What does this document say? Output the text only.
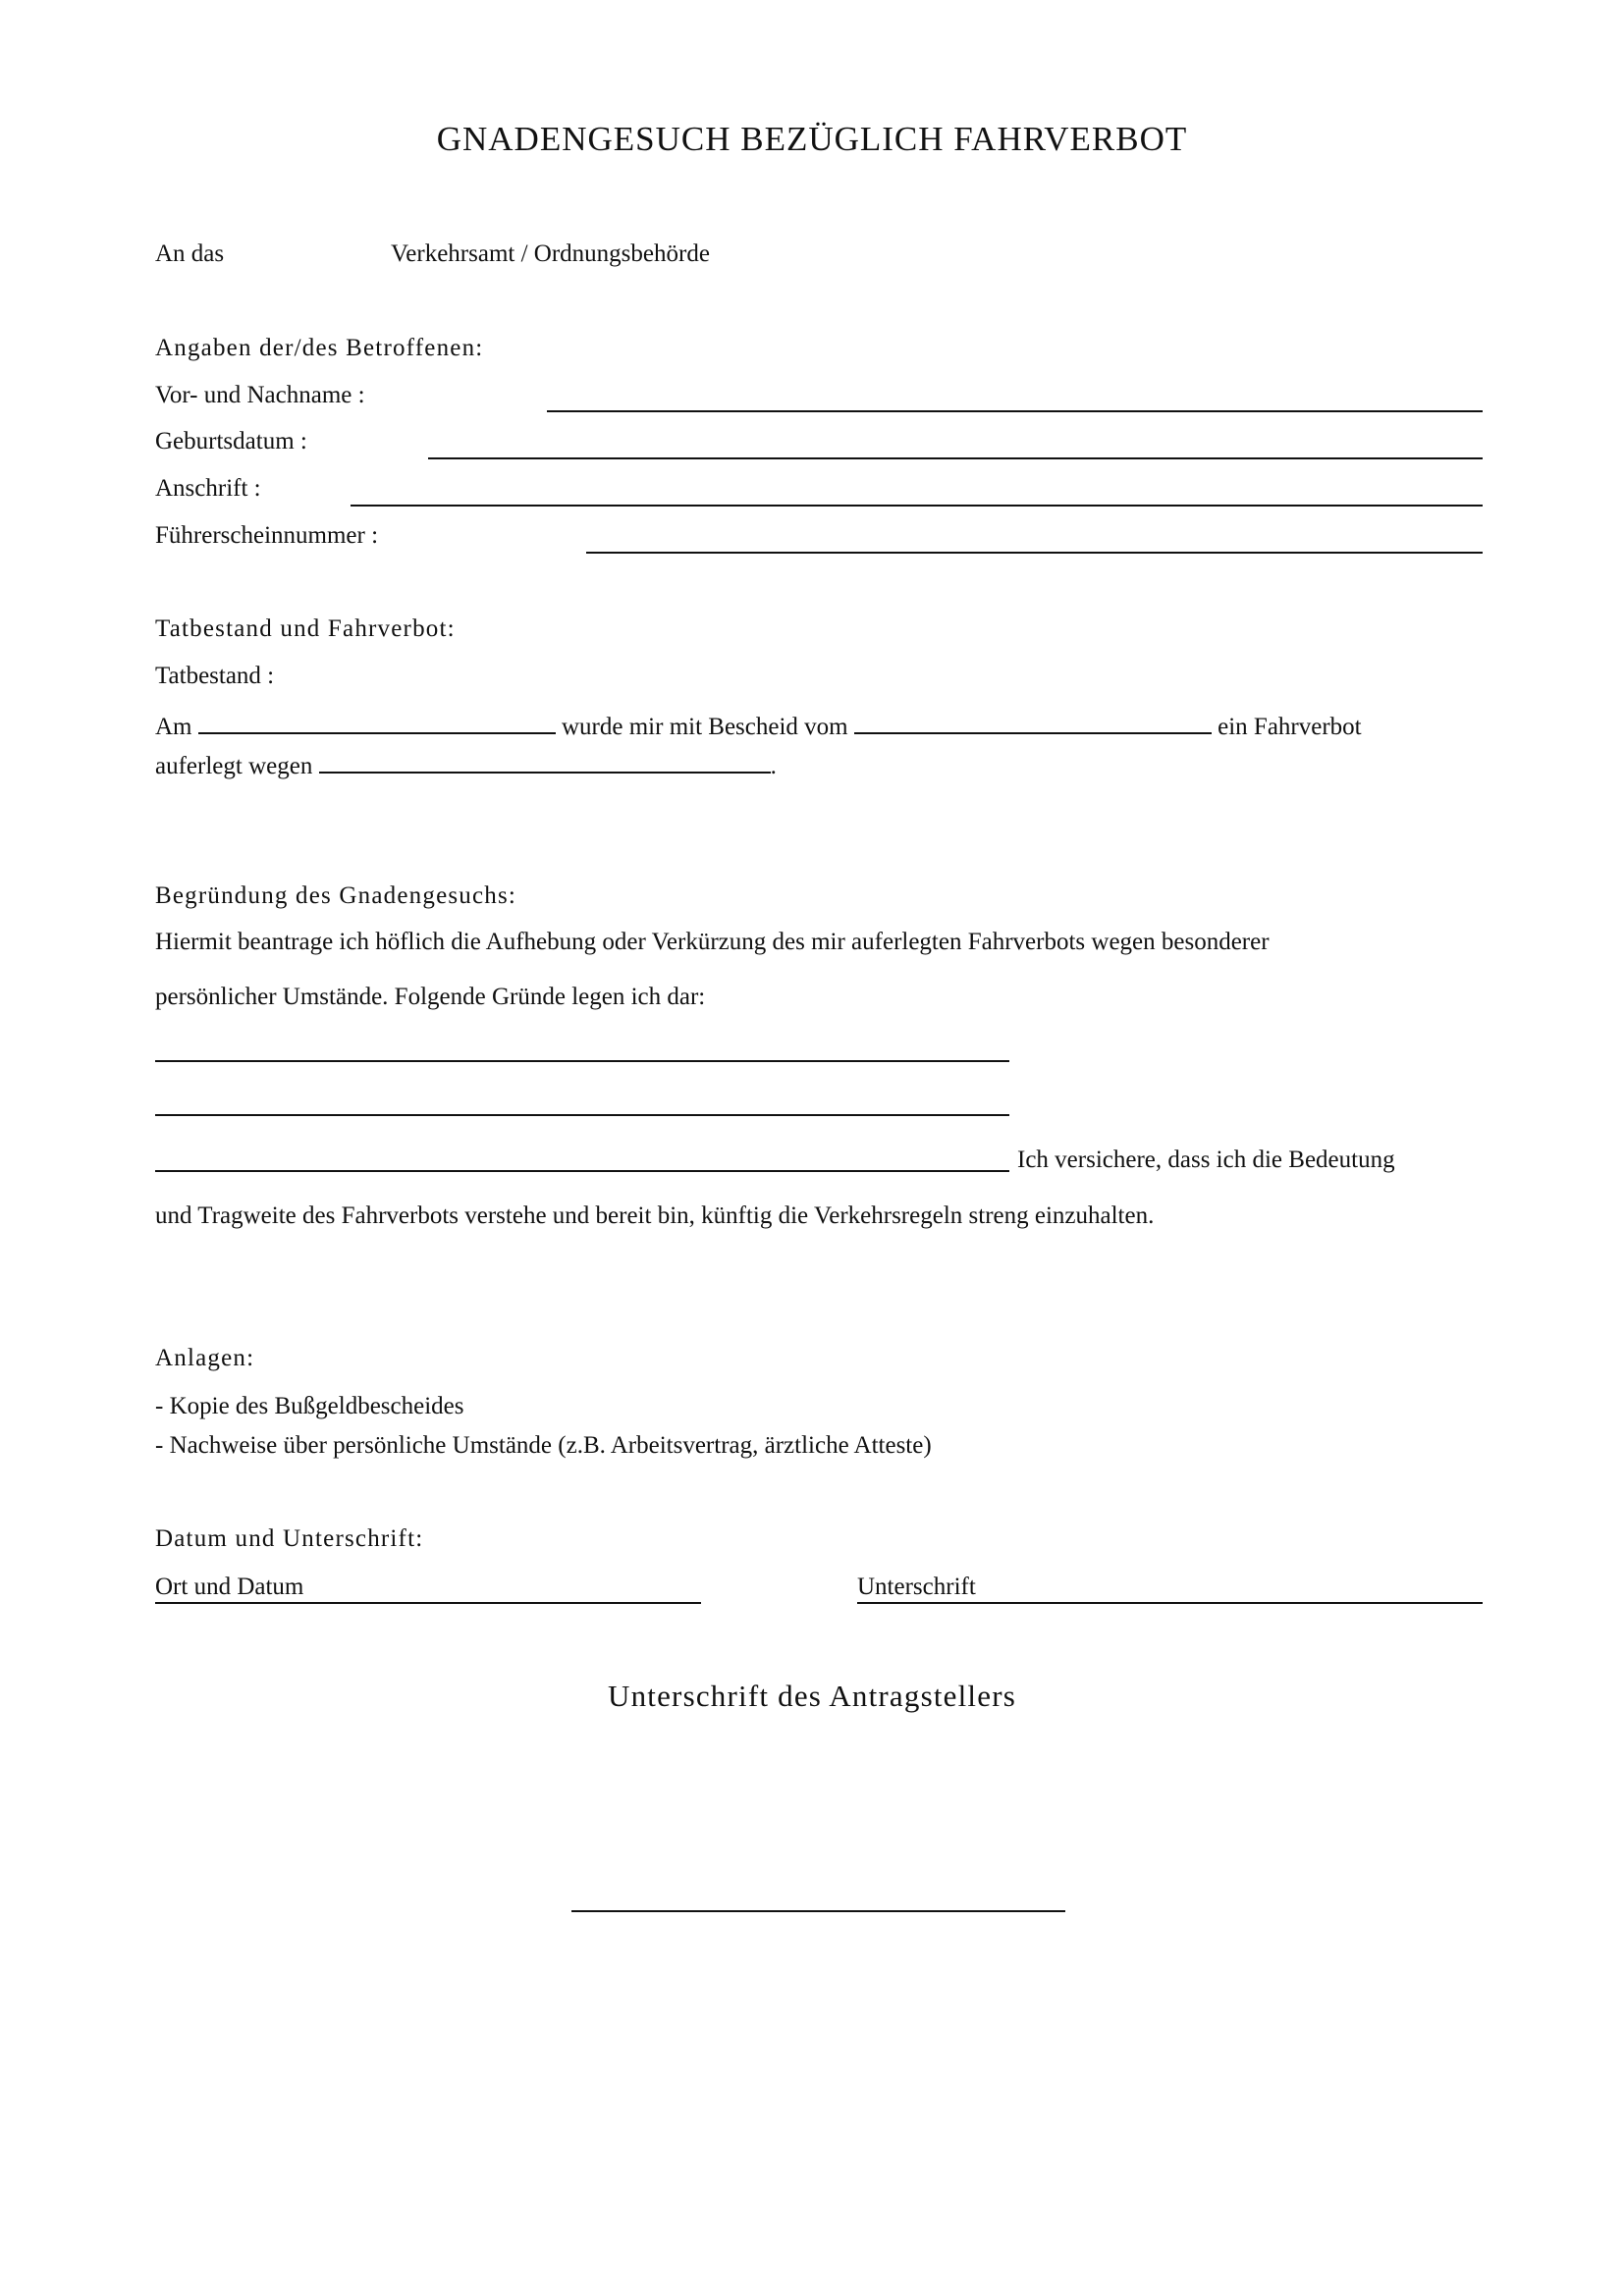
GNADENGESUCH BEZÜGLICH FAHRVERBOT
An das	Verkehrsamt / Ordnungsbehörde
Angaben der/des Betroffenen:
Vor- und Nachname :
Geburtsdatum :
Anschrift :
Führerscheinnummer :
Tatbestand und Fahrverbot:
Tatbestand :
Am	wurde mir mit Bescheid vom	ein Fahrverbot
auferlegt wegen	.
Begründung des Gnadengesuchs:
Hiermit beantrage ich höflich die Aufhebung oder Verkürzung des mir auferlegten Fahrverbots wegen besonderer
persönlicher Umstände. Folgende Gründe legen ich dar:
Ich versichere, dass ich die Bedeutung
und Tragweite des Fahrverbots verstehe und bereit bin, künftig die Verkehrsregeln streng einzuhalten.
Anlagen:
- Kopie des Bußgeldbescheides
- Nachweise über persönliche Umstände (z.B. Arbeitsvertrag, ärztliche Atteste)
Datum und Unterschrift:
Ort und Datum	Unterschrift
Unterschrift des Antragstellers
